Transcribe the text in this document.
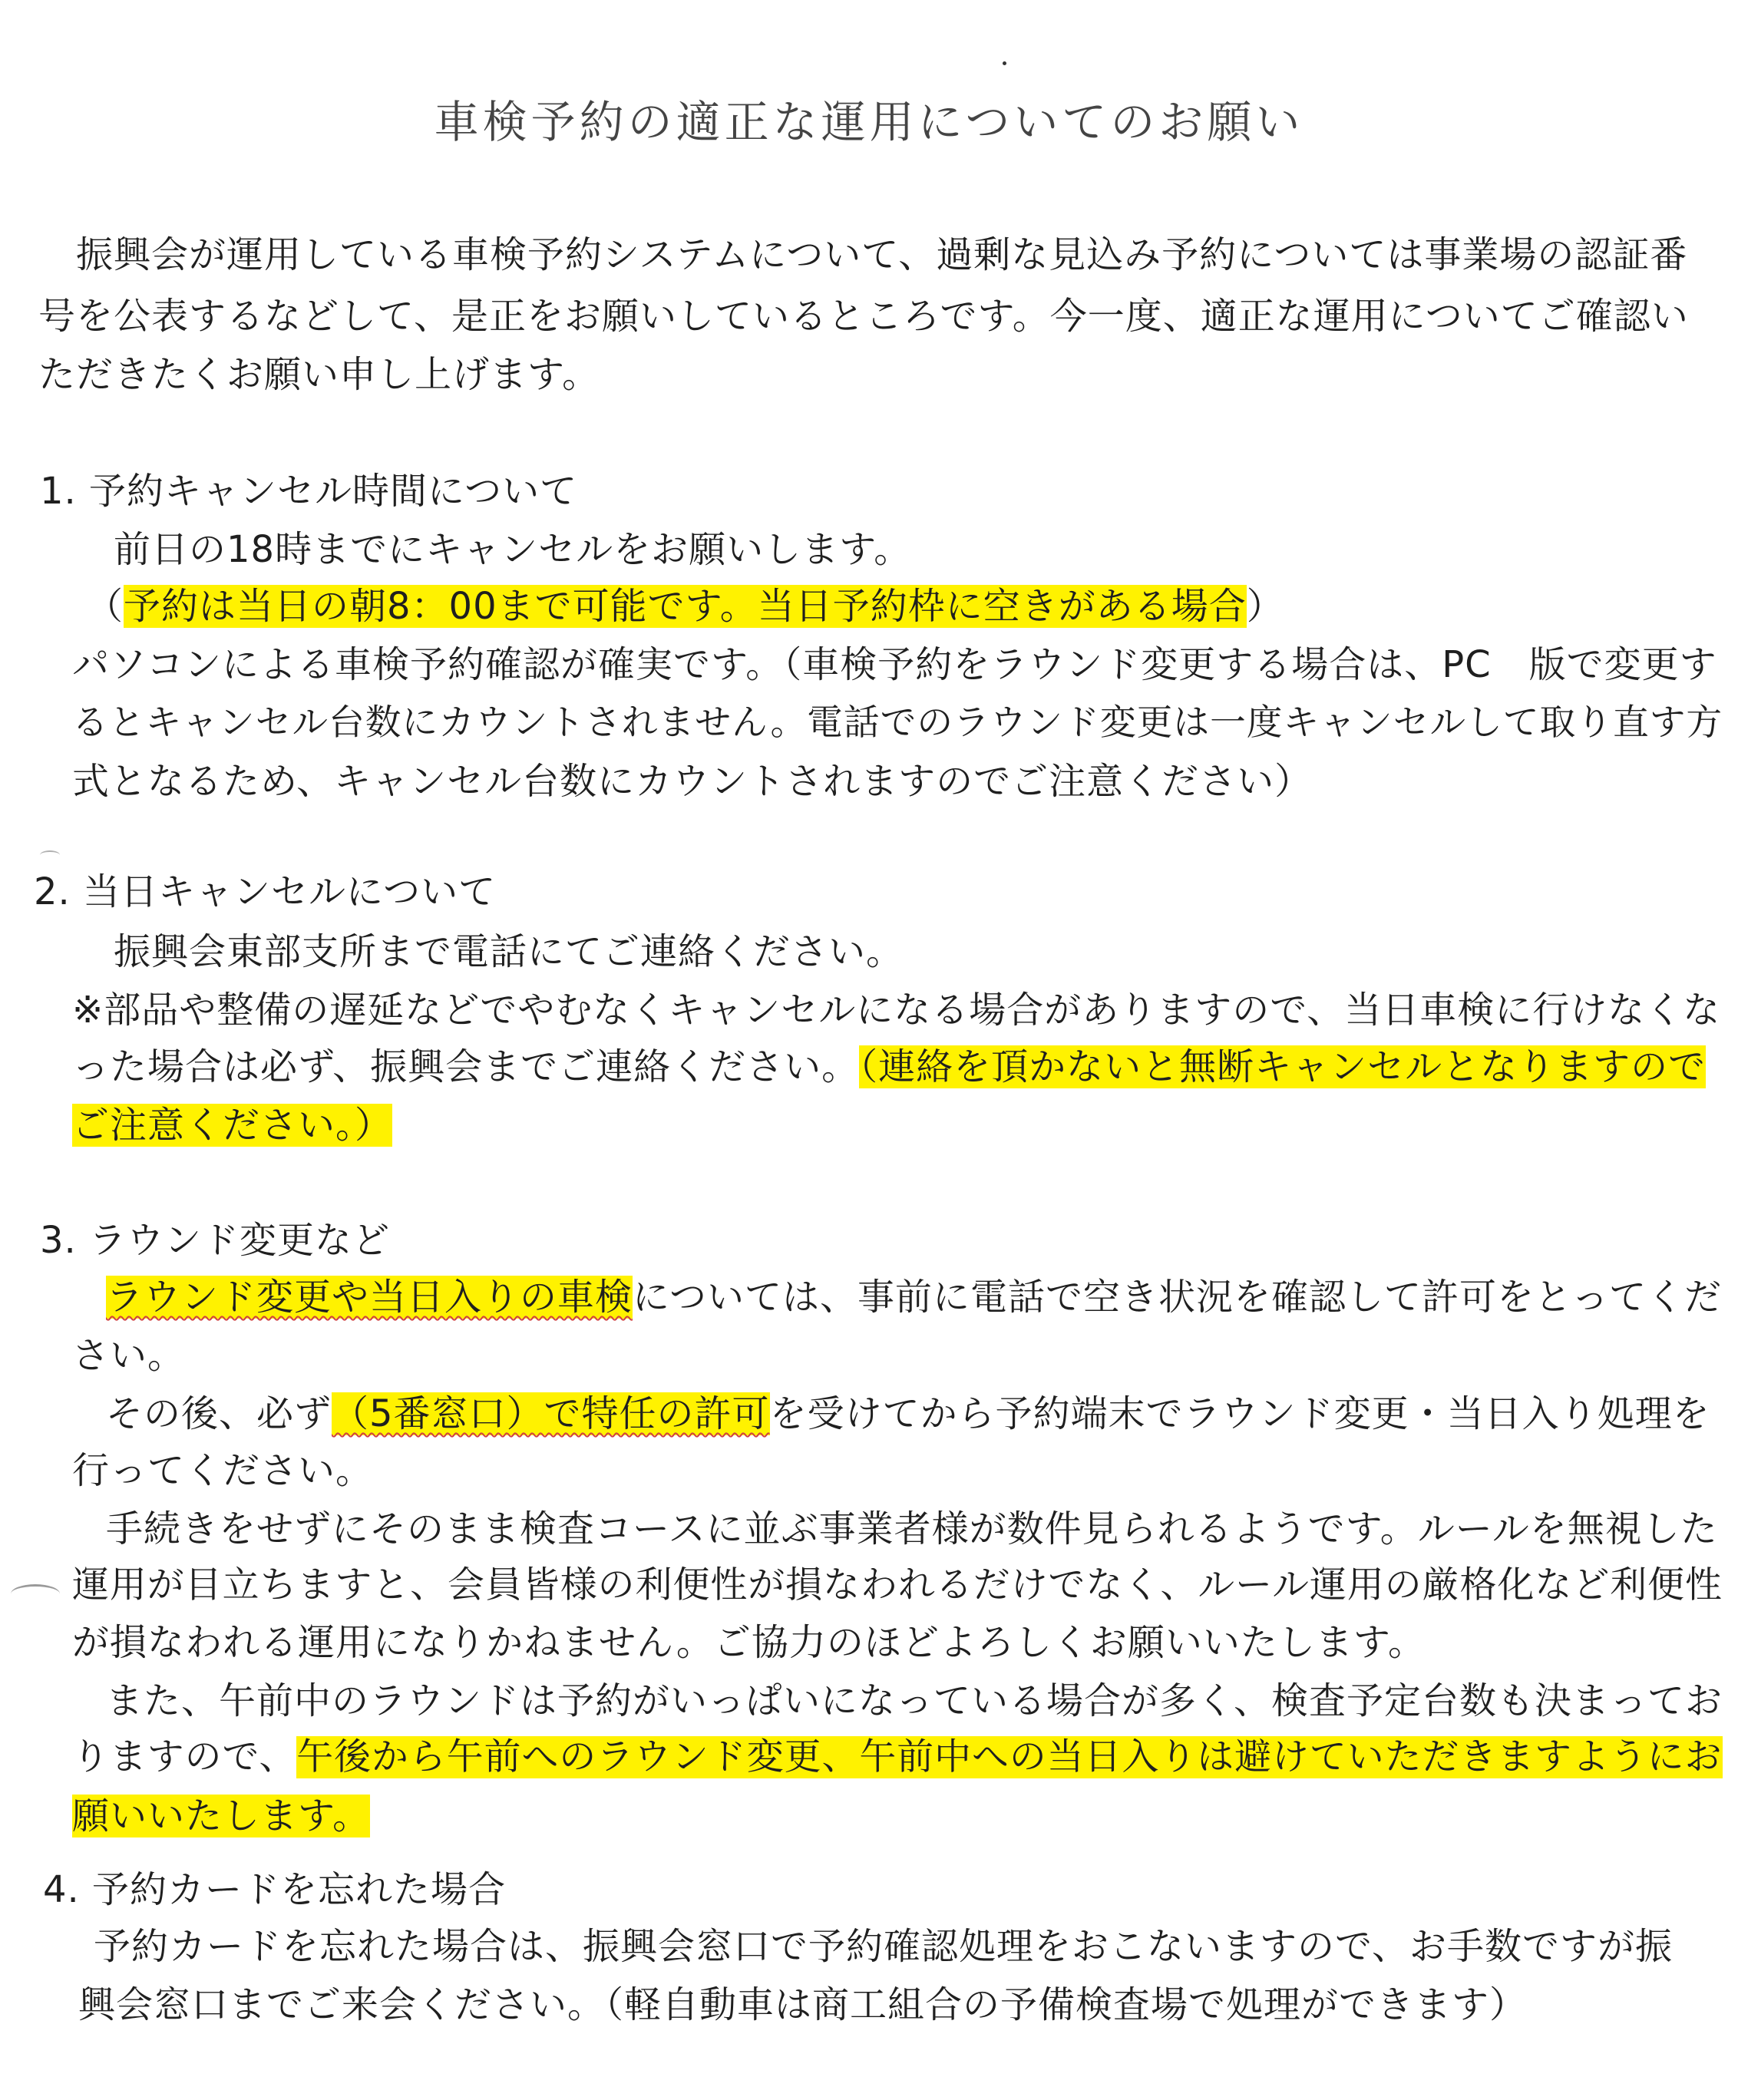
車検予約の適正な運用についてのお願い
　振興会が運用している車検予約システムについて、過剰な見込み予約については事業場の認証番
号を公表するなどして、是正をお願いしているところです。今一度、適正な運用についてご確認い
ただきたくお願い申し上げます。
1. 予約キャンセル時間について
前日の18時までにキャンセルをお願いします。
（予約は当日の朝8：00まで可能です。当日予約枠に空きがある場合）
パソコンによる車検予約確認が確実です。（車検予約をラウンド変更する場合は、PC　版で変更す
るとキャンセル台数にカウントされません。電話でのラウンド変更は一度キャンセルして取り直す方
式となるため、キャンセル台数にカウントされますのでご注意ください）
2. 当日キャンセルについて
振興会東部支所まで電話にてご連絡ください。
※部品や整備の遅延などでやむなくキャンセルになる場合がありますので、当日車検に行けなくな
った場合は必ず、振興会までご連絡ください。（連絡を頂かないと無断キャンセルとなりますので
ご注意ください。）
3. ラウンド変更など
ラウンド変更や当日入りの車検については、事前に電話で空き状況を確認して許可をとってくだ
さい。
その後、必ず（5番窓口）で特任の許可を受けてから予約端末でラウンド変更・当日入り処理を
行ってください。
手続きをせずにそのまま検査コースに並ぶ事業者様が数件見られるようです。ルールを無視した
運用が目立ちますと、会員皆様の利便性が損なわれるだけでなく、ルール運用の厳格化など利便性
が損なわれる運用になりかねません。ご協力のほどよろしくお願いいたします。
また、午前中のラウンドは予約がいっぱいになっている場合が多く、検査予定台数も決まってお
りますので、午後から午前へのラウンド変更、午前中への当日入りは避けていただきますようにお
願いいたします。
4. 予約カードを忘れた場合
予約カードを忘れた場合は、振興会窓口で予約確認処理をおこないますので、お手数ですが振
興会窓口までご来会ください。（軽自動車は商工組合の予備検査場で処理ができます）
